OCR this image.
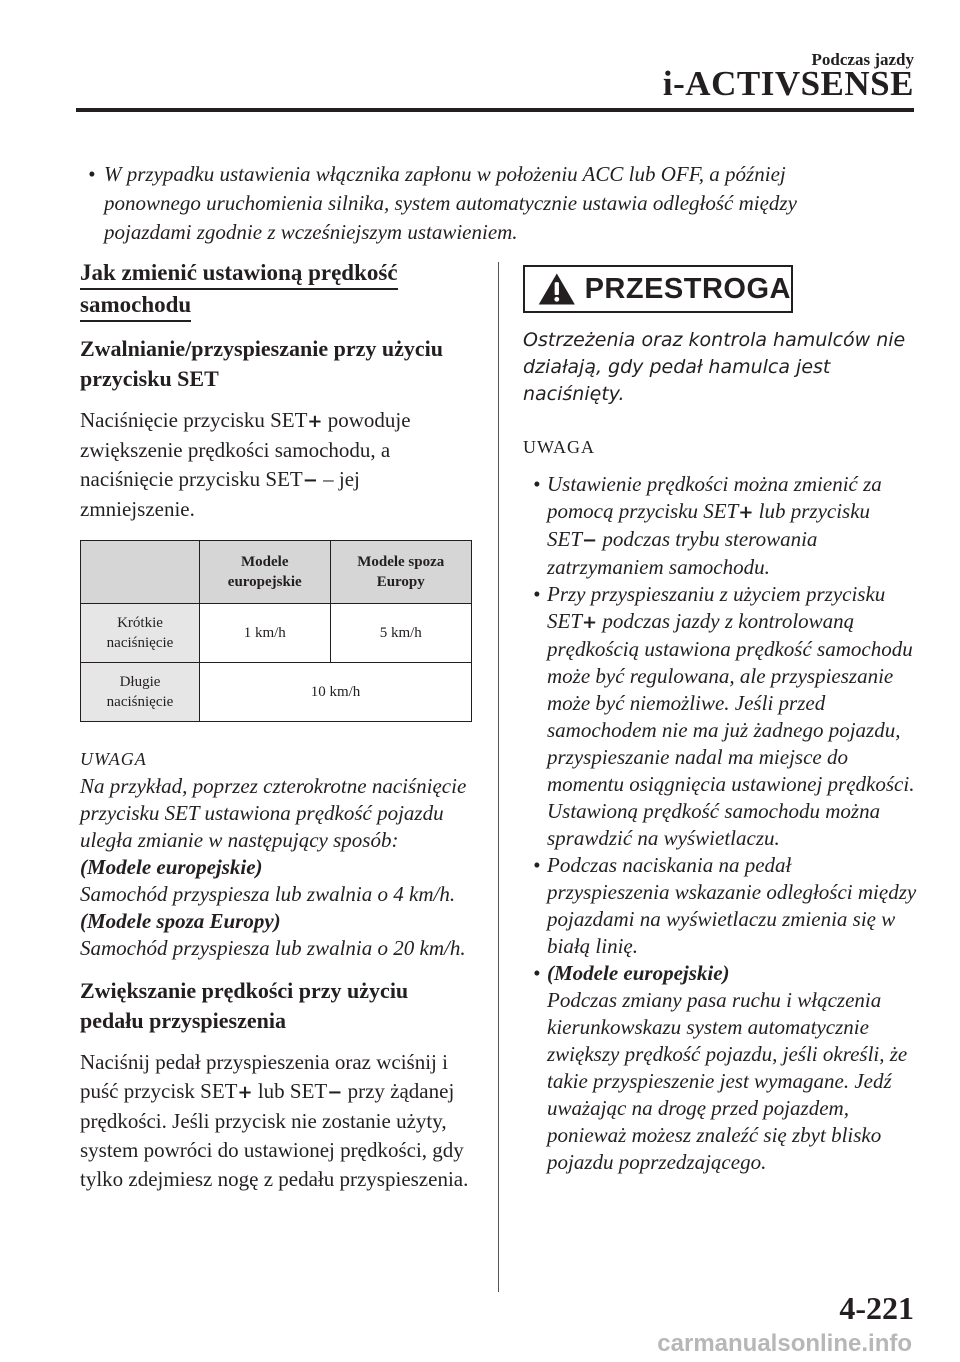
Podczas jazdy
i-ACTIVSENSE
• W przypadku ustawienia włącznika zapłonu w położeniu ACC lub OFF, a później ponownego uruchomienia silnika, system automatycznie ustawia odległość między pojazdami zgodnie z wcześniejszym ustawieniem.
Jak zmienić ustawioną prędkość
samochodu
Zwalnianie/przyspieszanie przy użyciu
przycisku SET

Naciśnięcie przycisku SET+ powoduje zwiększenie prędkości samochodu, a naciśnięcie przycisku SET− – jej zmniejszenie.

	Modele europejskie	Modele spoza Europy
Krótkie naciśnięcie	1 km/h	5 km/h
Długie naciśnięcie	10 km/h	
UWAGA
Na przykład, poprzez czterokrotne naciśnięcie przycisku SET ustawiona prędkość pojazdu uległa zmianie w następujący sposób:
(Modele europejskie)
Samochód przyspiesza lub zwalnia o 4 km/h.
(Modele spoza Europy)
Samochód przyspiesza lub zwalnia o 20 km/h.
Zwiększanie prędkości przy użyciu
pedału przyspieszenia

Naciśnij pedał przyspieszenia oraz wciśnij i puść przycisk SET+ lub SET− przy żądanej prędkości. Jeśli przycisk nie zostanie użyty, system powróci do ustawionej prędkości, gdy tylko zdejmiesz nogę z pedału przyspieszenia.

PRZESTROGA

Ostrzeżenia oraz kontrola hamulców nie działają, gdy pedał hamulca jest naciśnięty.

UWAGA

• Ustawienie prędkości można zmienić za pomocą przycisku SET+ lub przycisku SET− podczas trybu sterowania zatrzymaniem samochodu.
• Przy przyspieszaniu z użyciem przycisku SET+ podczas jazdy z kontrolowaną prędkością ustawiona prędkość samochodu może być regulowana, ale przyspieszanie może być niemożliwe. Jeśli przed samochodem nie ma już żadnego pojazdu, przyspieszanie nadal ma miejsce do momentu osiągnięcia ustawionej prędkości. Ustawioną prędkość samochodu można sprawdzić na wyświetlaczu.
• Podczas naciskania na pedał przyspieszenia wskazanie odległości między pojazdami na wyświetlaczu zmienia się w białą linię.
• (Modele europejskie)
Podczas zmiany pasa ruchu i włączenia kierunkowskazu system automatycznie zwiększy prędkość pojazdu, jeśli określi, że takie przyspieszenie jest wymagane. Jedź uważając na drogę przed pojazdem, ponieważ możesz znaleźć się zbyt blisko pojazdu poprzedzającego.
4-221
carmanualsonline.info
